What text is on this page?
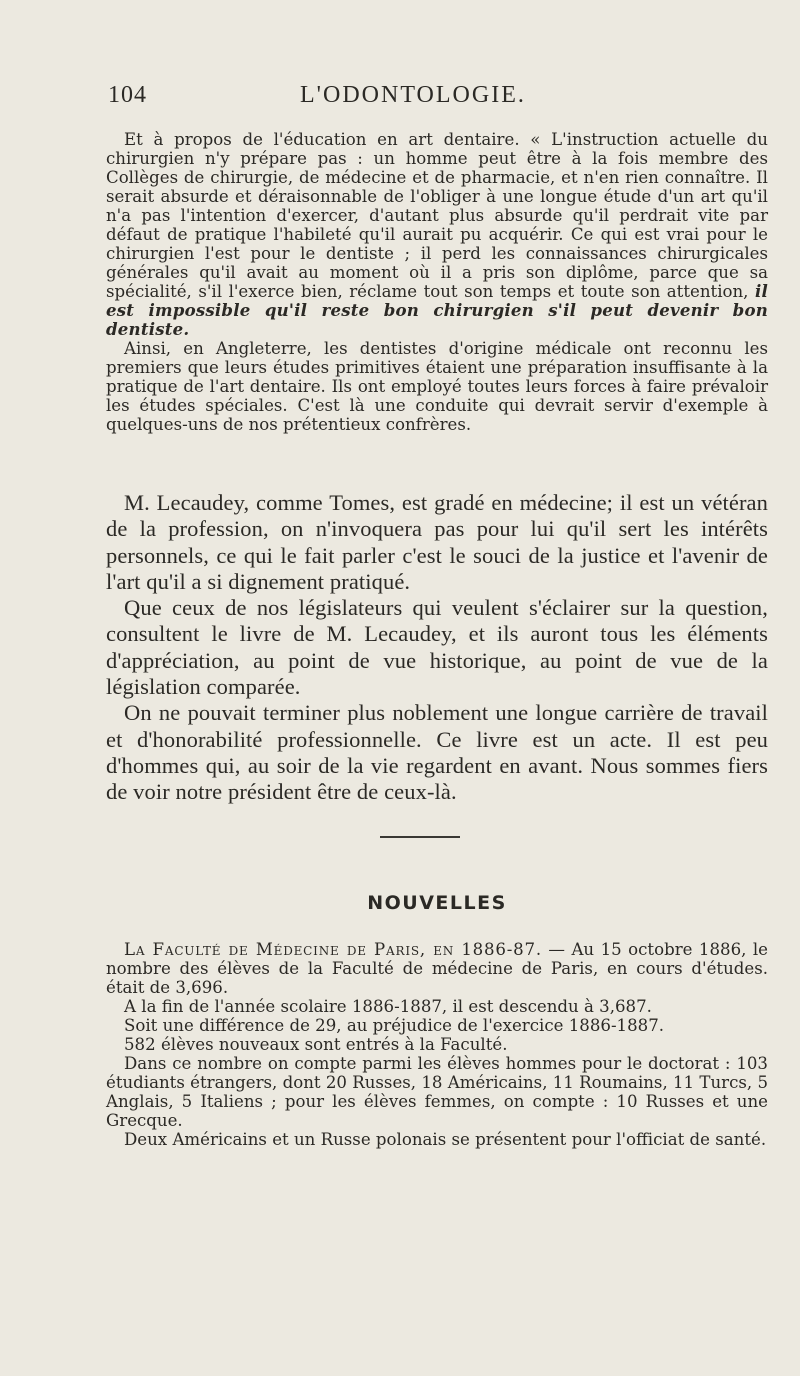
104	L'ODONTOLOGIE.

Et à propos de l'éducation en art dentaire. « L'instruction actuelle du chirurgien n'y prépare pas : un homme peut être à la fois membre des Collèges de chirurgie, de médecine et de pharmacie, et n'en rien connaître. Il serait absurde et déraisonnable de l'obliger à une longue étude d'un art qu'il n'a pas l'intention d'exercer, d'autant plus absurde qu'il perdrait vite par défaut de pratique l'habileté qu'il aurait pu acquérir. Ce qui est vrai pour le chirurgien l'est pour le dentiste ; il perd les connaissances chirurgicales générales qu'il avait au moment où il a pris son diplôme, parce que sa spécialité, s'il l'exerce bien, réclame tout son temps et toute son attention, il est impossible qu'il reste bon chirurgien s'il peut devenir bon dentiste.

Ainsi, en Angleterre, les dentistes d'origine médicale ont reconnu les premiers que leurs études primitives étaient une préparation insuffisante à la pratique de l'art dentaire. Ils ont employé toutes leurs forces à faire prévaloir les études spéciales. C'est là une conduite qui devrait servir d'exemple à quelques-uns de nos prétentieux confrères.

M. Lecaudey, comme Tomes, est gradé en médecine; il est un vétéran de la profession, on n'invoquera pas pour lui qu'il sert les intérêts personnels, ce qui le fait parler c'est le souci de la justice et l'avenir de l'art qu'il a si dignement pratiqué.

Que ceux de nos législateurs qui veulent s'éclairer sur la question, consultent le livre de M. Lecaudey, et ils auront tous les éléments d'appréciation, au point de vue historique, au point de vue de la législation comparée.

On ne pouvait terminer plus noblement une longue carrière de travail et d'honorabilité professionnelle. Ce livre est un acte. Il est peu d'hommes qui, au soir de la vie regardent en avant. Nous sommes fiers de voir notre président être de ceux-là.

NOUVELLES

La Faculté de Médecine de Paris, en 1886-87. — Au 15 octobre 1886, le nombre des élèves de la Faculté de médecine de Paris, en cours d'études. était de 3,696.

A la fin de l'année scolaire 1886-1887, il est descendu à 3,687.

Soit une différence de 29, au préjudice de l'exercice 1886-1887.

582 élèves nouveaux sont entrés à la Faculté.

Dans ce nombre on compte parmi les élèves hommes pour le doctorat : 103 étudiants étrangers, dont 20 Russes, 18 Américains, 11 Roumains, 11 Turcs, 5 Anglais, 5 Italiens ; pour les élèves femmes, on compte : 10 Russes et une Grecque.

Deux Américains et un Russe polonais se présentent pour l'officiat de santé.
